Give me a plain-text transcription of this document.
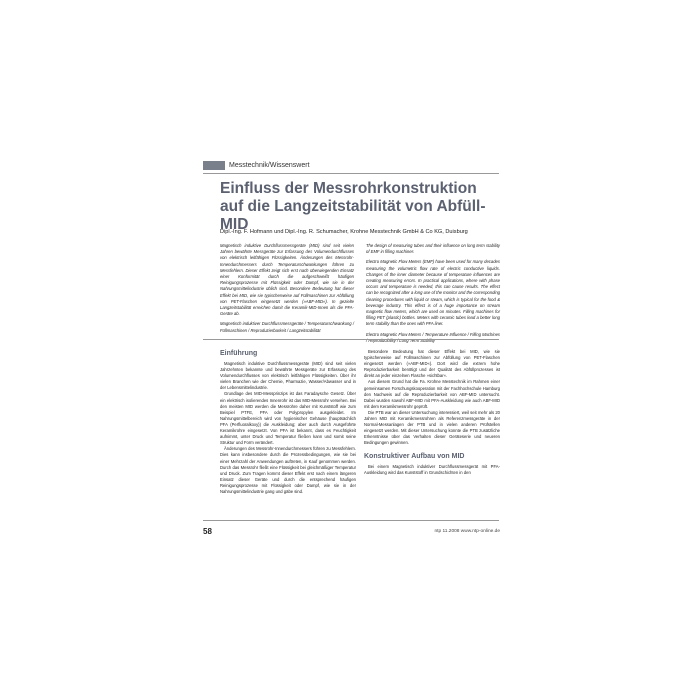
Messtechnik/Wissenswert
Einfluss der Messrohrkonstruktion
auf die Langzeitstabilität von Abfüll-MID
Dipl.-Ing. F. Hofmann und Dipl.-Ing. R. Schumacher, Krohne Messtechnik GmbH & Co KG, Duisburg
Magnetisch induktive Durchflussmessgeräte (MID) sind seit vielen Jahren bewährte Messgeräte zur Erfassung des Volumendurchflusses von elektrisch leitfähigen Flüssigkeiten. Änderungen des Messrohr-Innendurchmessers durch Temperaturschwankungen führen zu Messfehlern. Dieser Effekt zeigt sich erst nach überwiegenden Einsatz einer Konformität durch die aufgeschweißt häufigen Reinigungsprozesse mit Flüssigkeit oder Dampf, wie sie in der Nahrungsmittelindustrie üblich sind. Besondere Bedeutung hat dieser Effekt bei MID, wie sie typischerweise auf Füllmaschinen zur Abfüllung von PET-Flaschen eingesetzt werden (»ABF-MID«). In gezielte Langzeitstabilität erreichen damit die Keramik-MID-Innen als die PFA-Geräte ab.
Magnetisch induktiver Durchflussmessgeräte / Temperaturschwankung / Füllmaschinen / Reproduzierbarkeit / Langzeitstabilität
The design of measuring tubes and their influence on long term stability of EMF in filling machines
Electro Magnetic Flow Meters (EMF) have been used for many decades measuring the volumetric flow rate of electric conductive liquids. Changes of the inner diameter because of temperature influences are creating measuring errors. In practical applications, where with phase occurs and temperature is needed, this can cause results. The effect can be recognized after a long use of the monitor and the corresponding cleaning procedures with liquid or steam, which is typical for the food & beverage industry. This effect is of a huge importance on stream magnetic flow meters, which are used on minutes. Filling machines for filling PET (plastic) bottles. Meters with ceramic tubes lead a better long term stability than the ones with PFA liner.
Electro Magnetic Flow Meters / Temperature Influence / Filling Machines / Reproducibility / Long Term Stability
Einführung

Magnetisch induktive Durchflussmessgeräte (MID) sind seit vielen Jahrzehnten bekannte und bewährte Messgeräte zur Erfassung des Volumendurchflusses von elektrisch leitfähigen Flüssigkeiten. Über ihr vielen Branchen wie der Chemie, Pharmazie, Wasser/Abwasser und in der Lebensmittelindustrie.

Grundlage des MID-Messprinzips ist das Faradaysche Gesetz. Über ein elektrisch isolierendes Innenrohr ist das MID-Messrohr versehen. Bei den meisten MID werden die Messrohre daher mit Kunststoff wie zum Beispiel PTFE, PFA oder Polypropylen ausgekleidet. Im Nahrungsmittelbereich wird von hygienischer Gehäuse (hauptsächlich PFA (Perfluoralkoxy)) die Auskleidung; aber auch durch Ausgeführte Keramikrohre eingesetzt. Von PFA ist bekannt, dass es Feuchtigkeit aufnimmt, unter Druck und Temperatur fließen kann und somit seine Struktur und Form verändert.

Änderungen des Messrohr-Innendurchmessers führen zu Messfehlern. Dies kann insbesondere durch die Prozessbedingungen, wie sie bei einer Mehrzahl der Anwendungen auftreten, in Kauf genommen werden. Durch das Messrohr fließt eine Flüssigkeit bei gleichmäßiger Temperatur und Druck. Zum Tragen kommt dieser Effekt erst nach einem längeren Einsatz dieser Geräte und durch die entsprechend häufigen Reinigungsprozesse mit Flüssigkeit oder Dampf, wie sie in der Nahrungsmittelindustrie gang und gäbe sind.

Besondere Bedeutung hat dieser Effekt bei MID, wie sie typischerweise auf Füllmaschinen zur Abfüllung von PET-Flaschen eingesetzt werden (»ABF-MID«). Dort wird die extrem hohe Reproduzierbarkeit benötigt und der Qualität des Abfüllprozesses ist direkt an jeder einzelnen Flasche »sichtbar«.

Aus diesem Grund hat die Fa. Krohne Messtechnik im Rahmen einer gemeinsamen Forschungskooperation mit der Fachhochschule Hamburg den Nachweis auf die Reproduzierbarkeit von ABF-MID untersucht. Dabei wurden sowohl ABF-MID mit PFA-Auskleidung wie auch ABF-MID mit dem Keramikmessrohr geprüft.

Die PTB war an dieser Untersuchung interessiert, weil seit mehr als 20 Jahren MID mit Keramikmessrohren als Referenzmessgeräte in der Normal-Messanlagen der PTB und in vielen anderen Prüfstellen eingesetzt werden. Mit dieser Untersuchung konnte die PTB zusätzliche Erkenntnisse über das Verhalten dieser Geräteserie und neueren Bedingungen gewinnen.

Konstruktiver Aufbau von MID

Bei einem Magnetisch induktiver Durchflussmessgerät mit PFA-Auskleidung wird das Kunststoff in Grundschichten in den

58	ntp 11.2008 www.ntp-online.de
